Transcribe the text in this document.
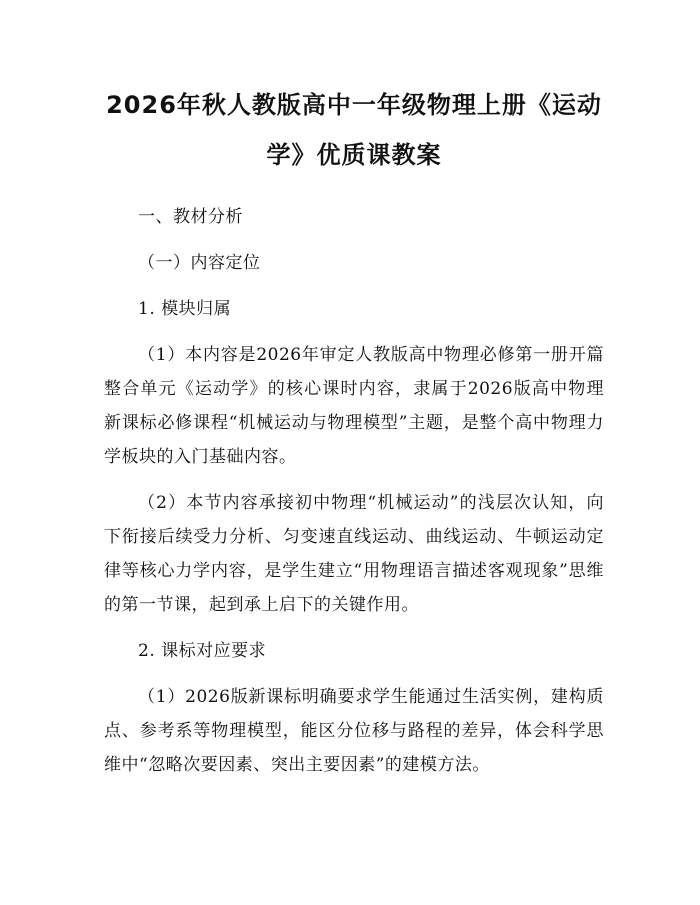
2026年秋人教版高中一年级物理上册《运动学》优质课教案

一、教材分析

（一）内容定位

1. 模块归属

（1）本内容是2026年审定人教版高中物理必修第一册开篇整合单元《运动学》的核心课时内容，隶属于2026版高中物理新课标必修课程“机械运动与物理模型”主题，是整个高中物理力学板块的入门基础内容。

（2）本节内容承接初中物理“机械运动”的浅层次认知，向下衔接后续受力分析、匀变速直线运动、曲线运动、牛顿运动定律等核心力学内容，是学生建立“用物理语言描述客观现象”思维的第一节课，起到承上启下的关键作用。

2. 课标对应要求

（1）2026版新课标明确要求学生能通过生活实例，建构质点、参考系等物理模型，能区分位移与路程的差异，体会科学思维中“忽略次要因素、突出主要因素”的建模方法。
